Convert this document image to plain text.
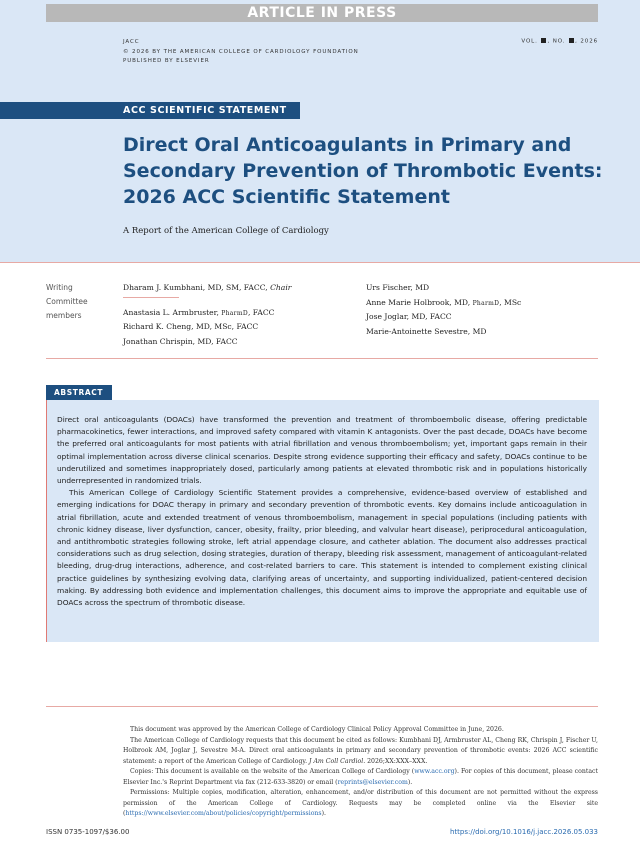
ARTICLE IN PRESS
JACC
© 2026 BY THE AMERICAN COLLEGE OF CARDIOLOGY FOUNDATION
PUBLISHED BY ELSEVIER
VOL. , NO. , 2026
ACC SCIENTIFIC STATEMENT
Direct Oral Anticoagulants in Primary and
Secondary Prevention of Thrombotic Events:
2026 ACC Scientific Statement
A Report of the American College of Cardiology
Writing
Committee
members
Dharam J. Kumbhani, MD, SM, FACC, Chair
Anastasia L. Armbruster, PharmD, FACC
Richard K. Cheng, MD, MSc, FACC
Jonathan Chrispin, MD, FACC
Urs Fischer, MD
Anne Marie Holbrook, MD, PharmD, MSc
Jose Joglar, MD, FACC
Marie-Antoinette Sevestre, MD
ABSTRACT

Direct oral anticoagulants (DOACs) have transformed the prevention and treatment of thromboembolic disease, offering predictable pharmacokinetics, fewer interactions, and improved safety compared with vitamin K antagonists. Over the past decade, DOACs have become the preferred oral anticoagulants for most patients with atrial fibrillation and venous thromboembolism; yet, important gaps remain in their optimal implementation across diverse clinical scenarios. Despite strong evidence supporting their efficacy and safety, DOACs continue to be underutilized and sometimes inappropriately dosed, particularly among patients at elevated thrombotic risk and in populations historically underrepresented in randomized trials.

This American College of Cardiology Scientific Statement provides a comprehensive, evidence-based overview of established and emerging indications for DOAC therapy in primary and secondary prevention of thrombotic events. Key domains include anticoagulation in atrial fibrillation, acute and extended treatment of venous thromboembolism, management in special populations (including patients with chronic kidney disease, liver dysfunction, cancer, obesity, frailty, prior bleeding, and valvular heart disease), periprocedural anticoagulation, and antithrombotic strategies following stroke, left atrial appendage closure, and catheter ablation. The document also addresses practical considerations such as drug selection, dosing strategies, duration of therapy, bleeding risk assessment, management of anticoagulant-related bleeding, drug-drug interactions, adherence, and cost-related barriers to care. This statement is intended to complement existing clinical practice guidelines by synthesizing evolving data, clarifying areas of uncertainty, and supporting individualized, patient-centered decision making. By addressing both evidence and implementation challenges, this document aims to improve the appropriate and equitable use of DOACs across the spectrum of thrombotic disease.

This document was approved by the American College of Cardiology Clinical Policy Approval Committee in June, 2026.

The American College of Cardiology requests that this document be cited as follows: Kumbhani DJ, Armbruster AL, Cheng RK, Chrispin J, Fischer U, Holbrook AM, Joglar J, Sevestre M-A. Direct oral anticoagulants in primary and secondary prevention of thrombotic events: 2026 ACC scientific statement: a report of the American College of Cardiology. J Am Coll Cardiol. 2026;XX:XXX–XXX.

Copies: This document is available on the website of the American College of Cardiology (www.acc.org). For copies of this document, please contact Elsevier Inc.'s Reprint Department via fax (212-633-3820) or email (reprints@elsevier.com).

Permissions: Multiple copies, modification, alteration, enhancement, and/or distribution of this document are not permitted without the express permission of the American College of Cardiology. Requests may be completed online via the Elsevier site (https://www.elsevier.com/about/policies/copyright/permissions).

ISSN 0735-1097/$36.00	https://doi.org/10.1016/j.jacc.2026.05.033
